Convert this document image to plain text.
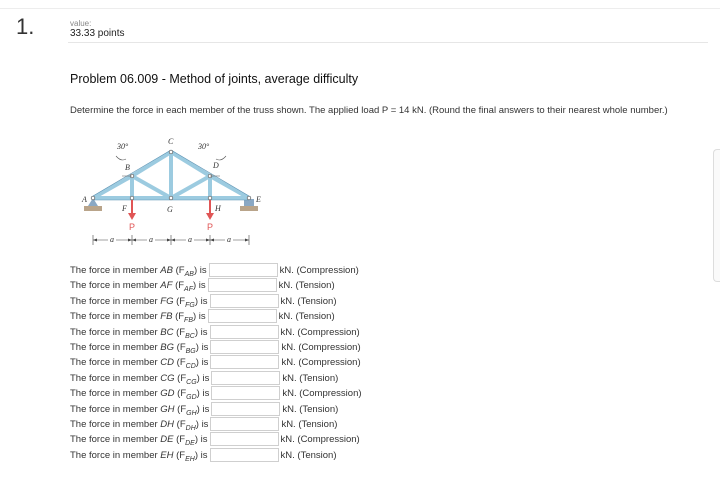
1.	value:
33.33 points
Problem 06.009 - Method of joints, average difficulty
Determine the force in each member of the truss shown. The applied load P = 14 kN. (Round the final answers to their nearest whole number.)
30°	30°
C
B	D
A	E
F	G	H
P	P
a	a	a	a
The force in member AB $(F_{AB})$ is	kN. (Compression)
The force in member AF $(F_{AF})$ is	kN. (Tension)
The force in member FG $(F_{FG})$ is	kN. (Tension)
The force in member FB $(F_{FB})$ is	kN. (Tension)
The force in member BC $(F_{BC})$ is	kN. (Compression)
The force in member BG $(F_{BG})$ is	kN. (Compression)
The force in member CD $(F_{CD})$ is	kN. (Compression)
The force in member CG $(F_{CG})$ is	kN. (Tension)
The force in member GD $(F_{GD})$ is	kN. (Compression)
The force in member GH $(F_{GH})$ is	kN. (Tension)
The force in member DH $(F_{DH})$ is	kN. (Tension)
The force in member DE $(F_{DE})$ is	kN. (Compression)
The force in member EH $(F_{EH})$ is	kN. (Tension)
